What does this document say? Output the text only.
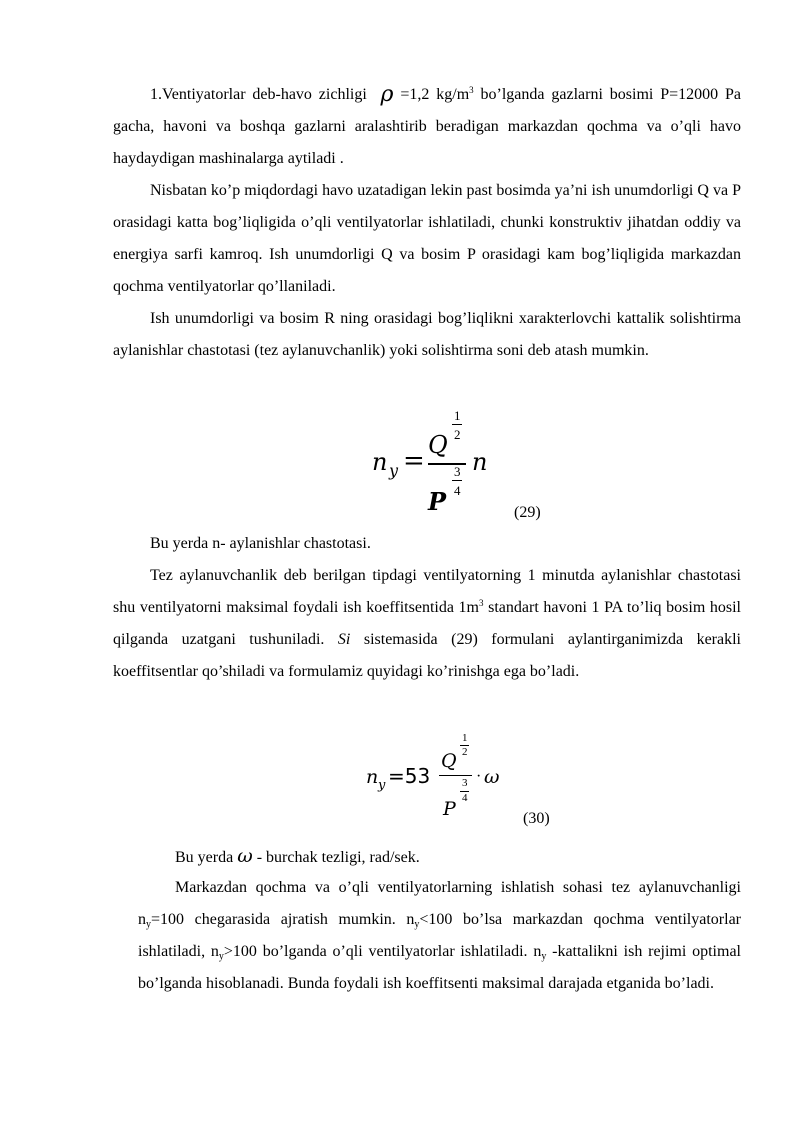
1.Ventiyatorlar deb-havo zichligi ρ =1,2 $kg/m^3$ bo’lganda gazlarni bosimi P=12000 Pa gacha, havoni va boshqa gazlarni aralashtirib beradigan markazdan qochma va o’qli havo haydaydigan mashinalarga aytiladi .
Nisbatan ko’p miqdordagi havo uzatadigan lekin past bosimda ya’ni ish unumdorligi Q va P orasidagi katta bog’liqligida o’qli ventilyatorlar ishlatiladi, chunki konstruktiv jihatdan oddiy va energiya sarfi kamroq. Ish unumdorligi Q va bosim P orasidagi kam bog’liqligida markazdan qochma ventilyatorlar qo’llaniladi.
Ish unumdorligi va bosim R ning orasidagi bog’liqlikni xarakterlovchi kattalik solishtirma aylanishlar chastotasi (tez aylanuvchanlik) yoki solishtirma soni deb atash mumkin.
n y =
Q
1
2
n
P
3
4
(29)
Bu yerda n- aylanishlar chastotasi.
Tez aylanuvchanlik deb berilgan tipdagi ventilyatorning 1 minutda aylanishlar chastotasi shu ventilyatorni maksimal foydali ish koeffitsentida $1m^3$ standart havoni 1 PA to’liq bosim hosil qilganda uzatgani tushuniladi. Si sistemasida (29) formulani aylantirganimizda kerakli koeffitsentlar qo’shiladi va formulamiz quyidagi ko’rinishga ega bo’ladi.
n y =53
Q
1
2
· ω
P
3
4
(30)
Bu yerda ω - burchak tezligi, rad/sek.
Markazdan qochma va o’qli ventilyatorlarning ishlatish sohasi tez aylanuvchanligi $n_y=100$ chegarasida ajratish mumkin. $n_y<100$ bo’lsa markazdan qochma ventilyatorlar ishlatiladi, $n_y>100$ bo’lganda o’qli ventilyatorlar ishlatiladi. $n_y$ -kattalikni ish rejimi optimal bo’lganda hisoblanadi. Bunda foydali ish koeffitsenti maksimal darajada etganida bo’ladi.
